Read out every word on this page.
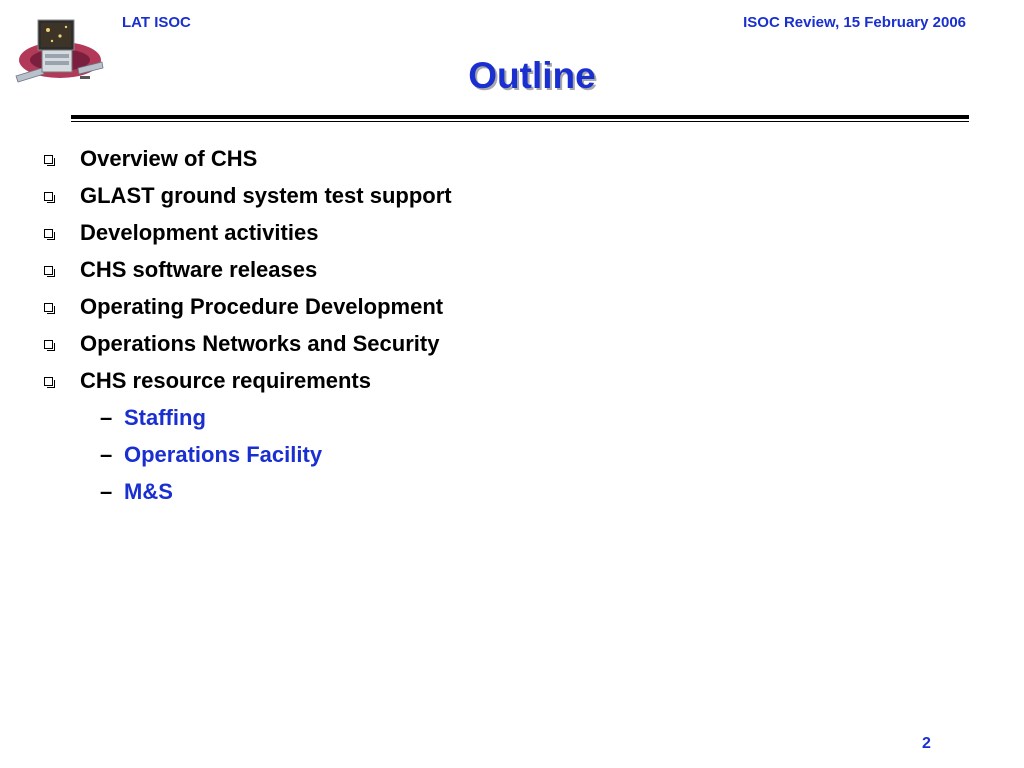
LAT ISOC	ISOC Review, 15 February 2006
Outline
Overview of CHS
GLAST ground system test support
Development activities
CHS software releases
Operating Procedure Development
Operations Networks and Security
CHS resource requirements
– Staffing
– Operations Facility
– M&S
2
